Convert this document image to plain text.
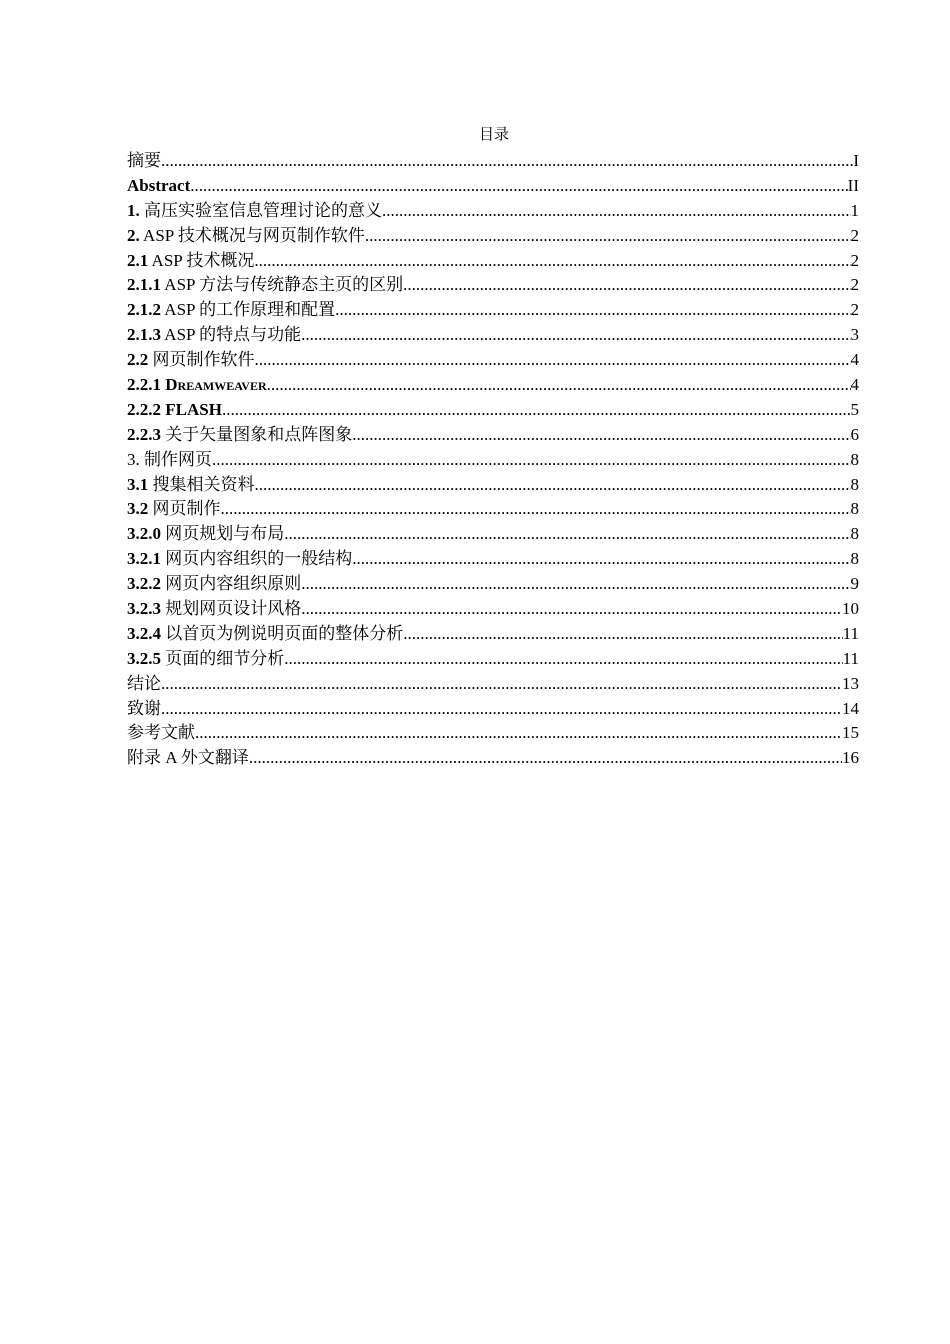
目录
摘要 .....	I
Abstract .....	II
1. 高压实验室信息管理讨论的意义 .....	1
2. ASP 技术概况与网页制作软件 .....	2
2.1 ASP 技术概况 .....	2
2.1.1 ASP 方法与传统静态主页的区别 .....	2
2.1.2 ASP 的工作原理和配置 .....	2
2.1.3 ASP 的特点与功能 .....	3
2.2 网页制作软件 .....	4
2.2.1 Dreamweaver .....	4
2.2.2 FLASH .....	5
2.2.3 关于矢量图象和点阵图象 .....	6
3. 制作网页 .....	8
3.1 搜集相关资料 .....	8
3.2 网页制作 .....	8
3.2.0 网页规划与布局 .....	8
3.2.1 网页内容组织的一般结构 .....	8
3.2.2 网页内容组织原则 .....	9
3.2.3 规划网页设计风格 .....	10
3.2.4 以首页为例说明页面的整体分析 .....	11
3.2.5 页面的细节分析 .....	11
结论 .....	13
致谢 .....	14
参考文献 .....	15
附录 A 外文翻译 .....	16
